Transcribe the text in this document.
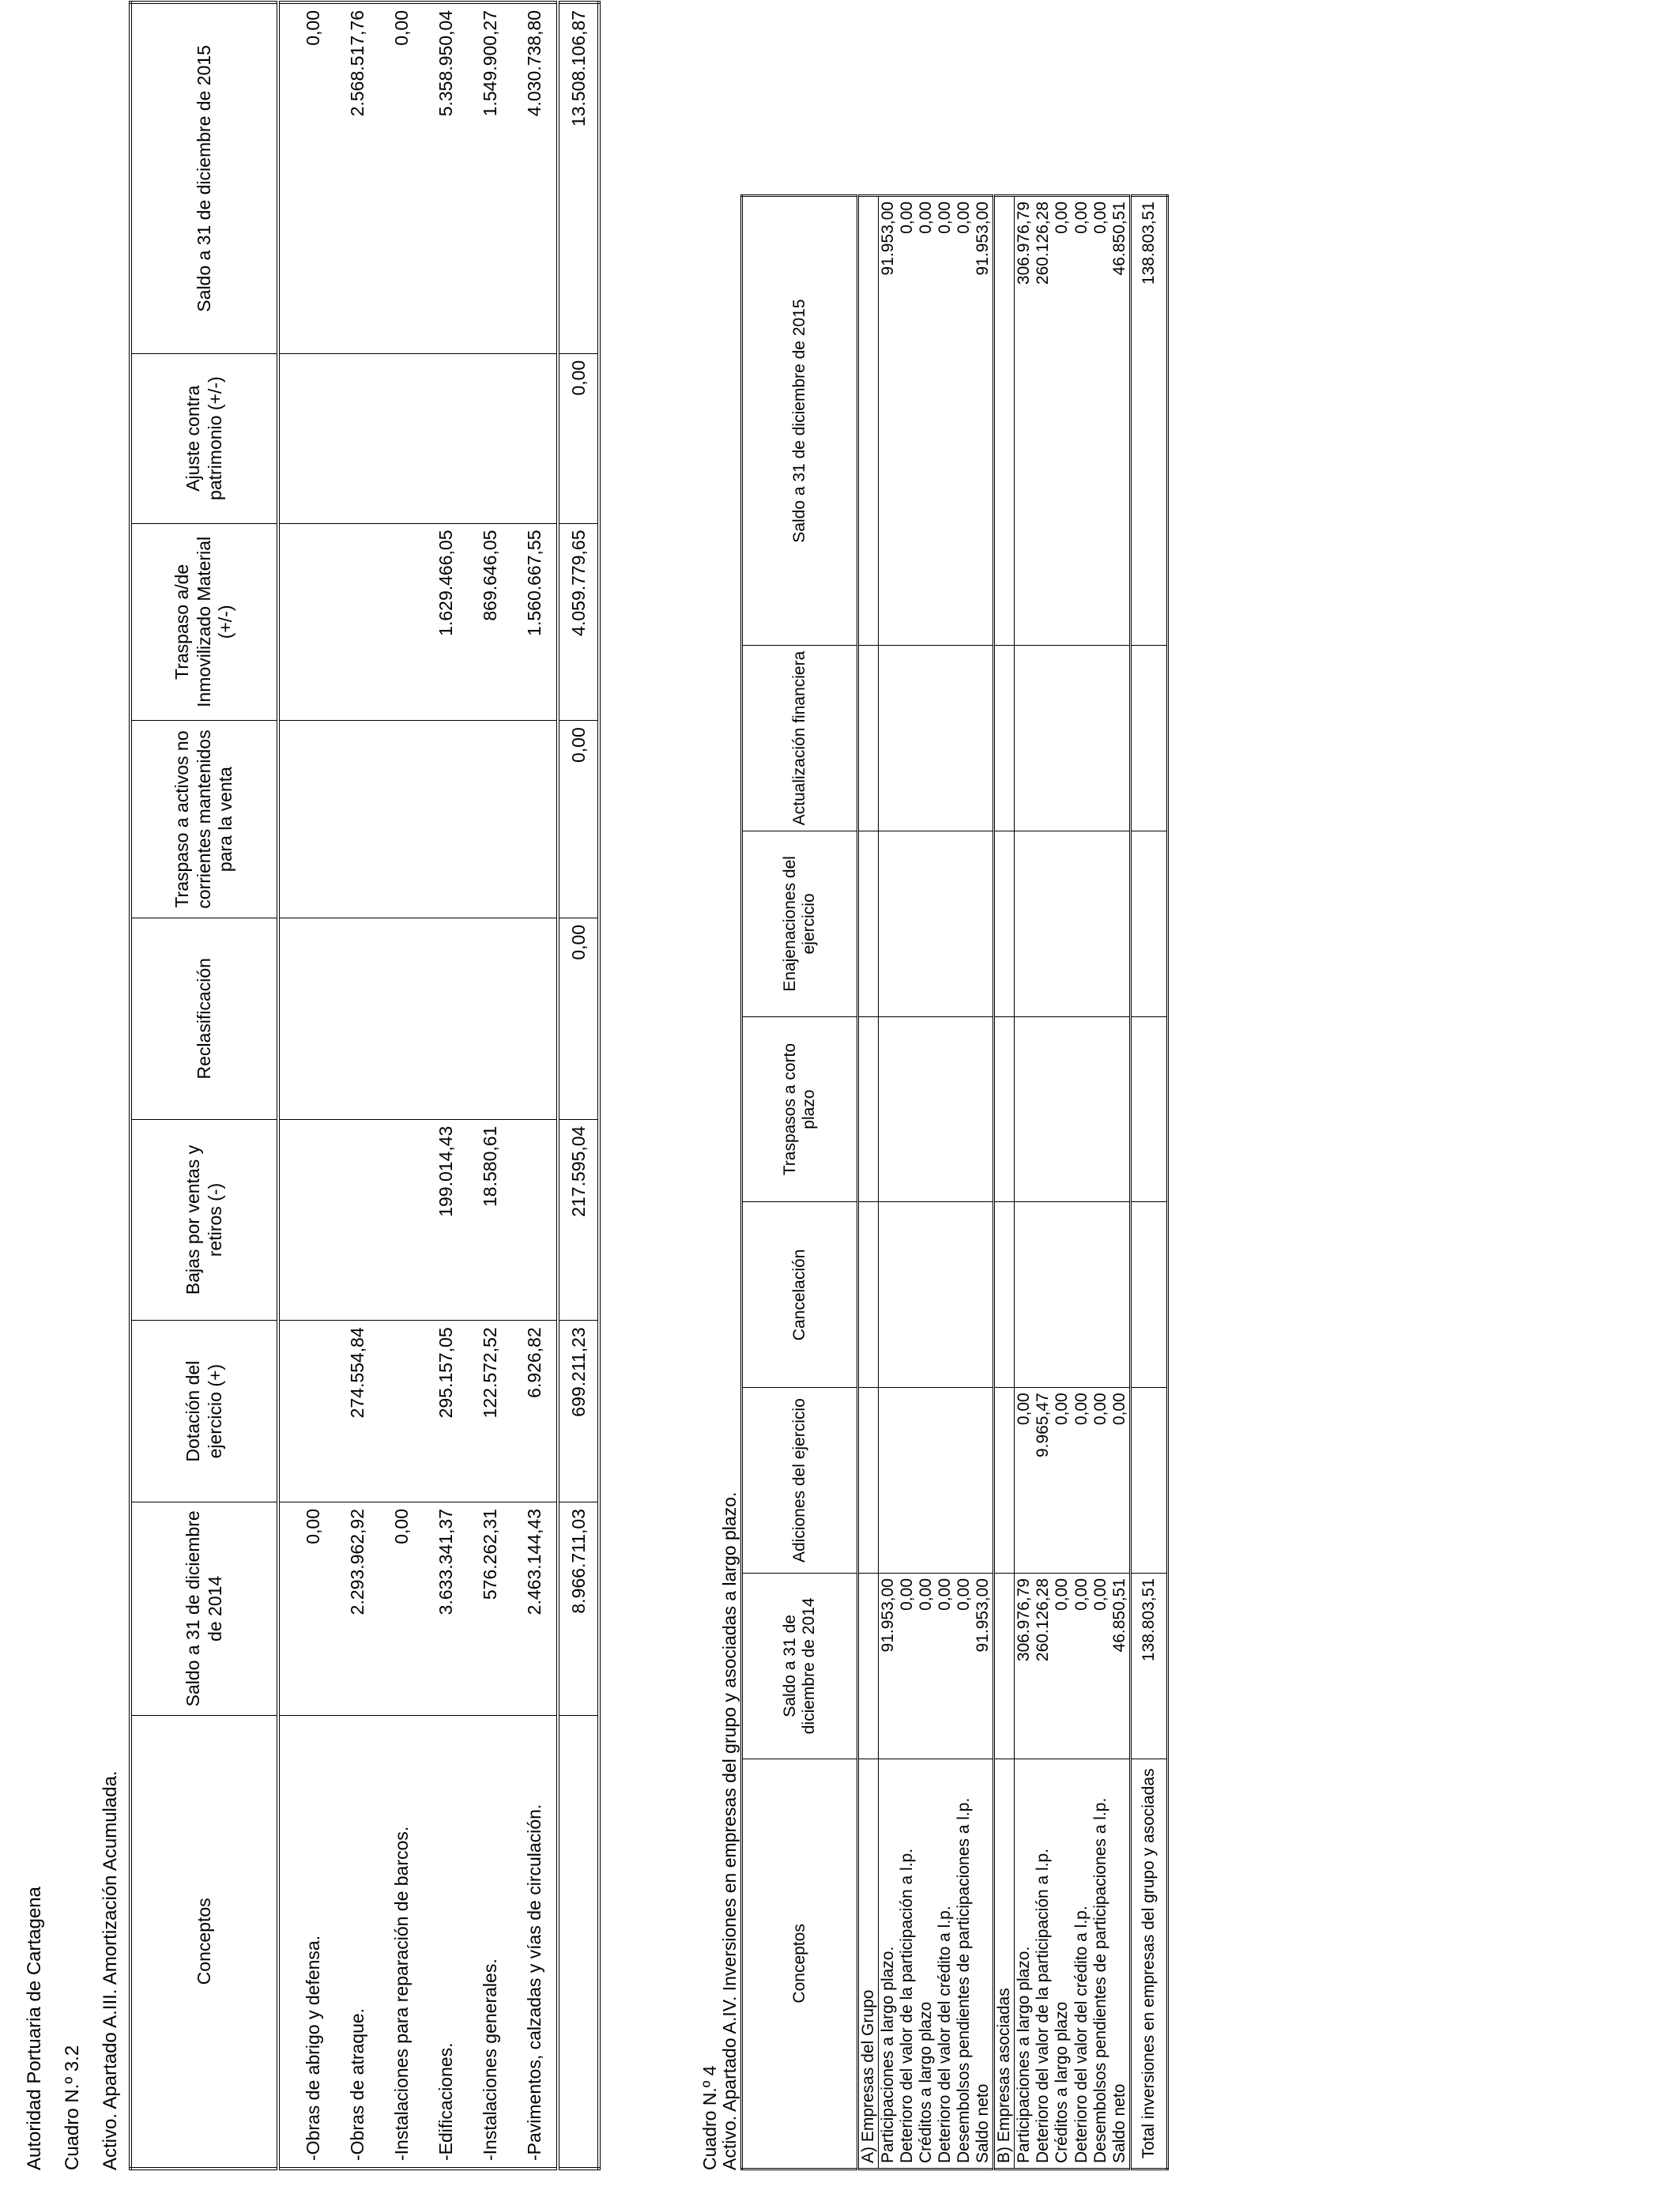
Autoridad Portuaria de Cartagena Cuadro N.º 3.2 Activo. Apartado A.III. Amortización Acumulada.	Conceptos	Saldo a 31 de diciembre de 2014	Dotación del ejercicio (+)	Bajas por ventas y retiros (-)	Reclasificación	Traspaso a activos no corrientes mantenidos para la venta	Traspaso a/de Inmovilizado Material (+/-)	Ajuste contra patrimonio (+/-)	Saldo a 31 de diciembre de 2015
-Obras de abrigo y defensa.	0,00							0,00
-Obras de atraque.	2.293.962,92	274.554,84						2.568.517,76
-Instalaciones para reparación de barcos.	0,00							0,00
-Edificaciones.	3.633.341,37	295.157,05	199.014,43			1.629.466,05		5.358.950,04
-Instalaciones generales.	576.262,31	122.572,52	18.580,61			869.646,05		1.549.900,27
-Pavimentos, calzadas y vías de circulación.	2.463.144,43	6.926,82				1.560.667,55		4.030.738,80
	8.966.711,03	699.211,23	217.595,04	0,00	0,00	4.059.779,65	0,00	13.508.106,87
Cuadro N.º 4 Activo. Apartado A.IV. Inversiones en empresas del grupo y asociadas a largo plazo.	Conceptos	Saldo a 31 de diciembre de 2014	Adiciones del ejercicio	Cancelación	Traspasos a corto plazo	Enajenaciones del ejercicio	Actualización financiera	Saldo a 31 de diciembre de 2015
A) Empresas del Grupo							
Participaciones a largo plazo.	91.953,00						91.953,00
Deterioro del valor de la participación a l.p.	0,00						0,00
Créditos a largo plazo	0,00						0,00
Deterioro del valor del crédito a l.p.	0,00						0,00
Desembolsos pendientes de participaciones a l.p.	0,00						0,00
Saldo neto	91.953,00						91.953,00
B) Empresas asociadas							
Participaciones a largo plazo.	306.976,79	0,00					306.976,79
Deterioro del valor de la participación a l.p.	260.126,28	9.965,47					260.126,28
Créditos a largo plazo	0,00	0,00					0,00
Deterioro del valor del crédito a l.p.	0,00	0,00					0,00
Desembolsos pendientes de participaciones a l.p.	0,00	0,00					0,00
Saldo neto	46.850,51	0,00					46.850,51
Total inversiones en empresas del grupo y asociadas	138.803,51						138.803,51
